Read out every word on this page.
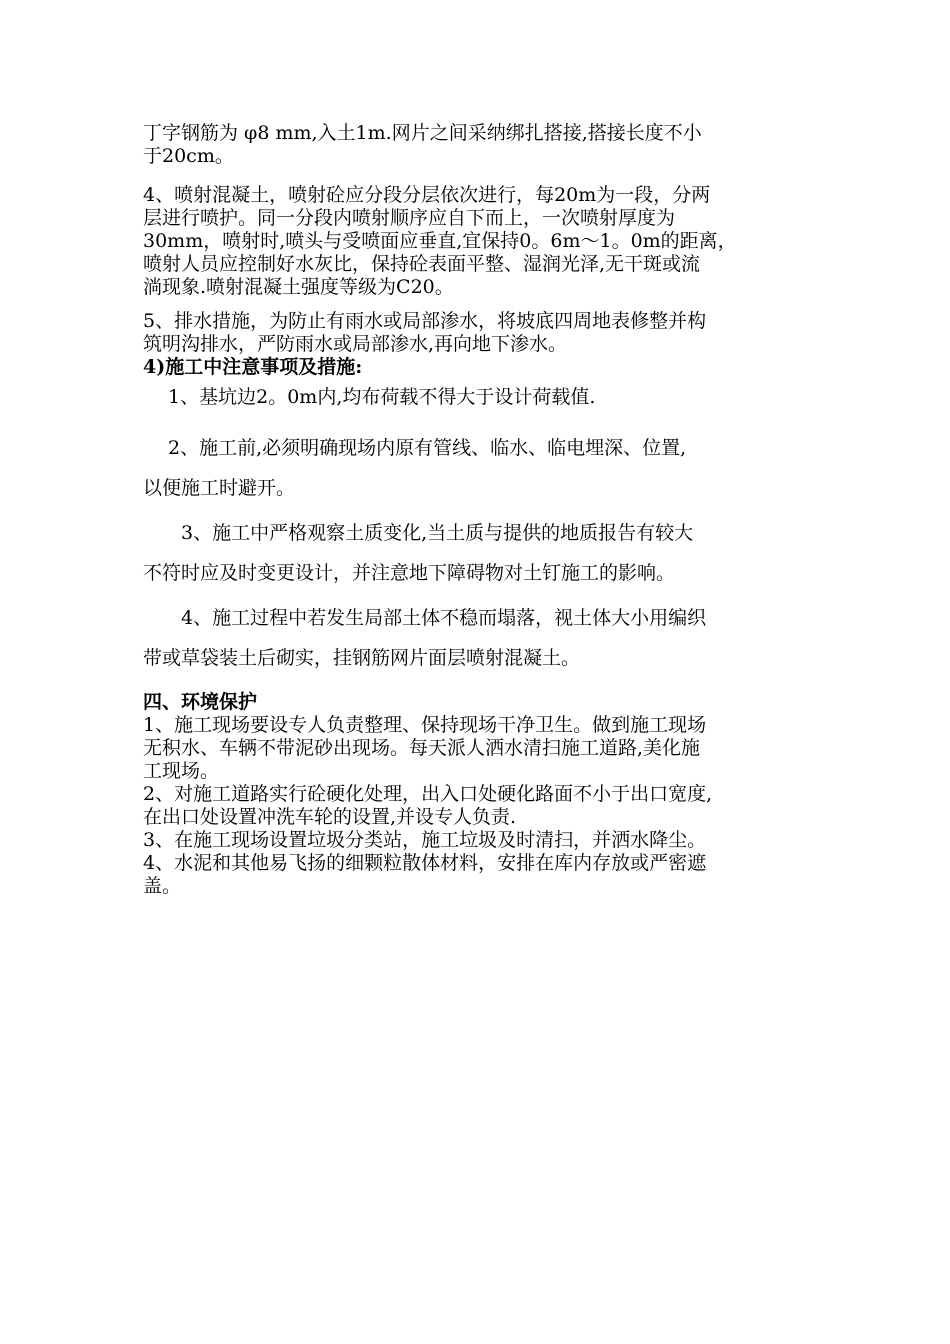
丁字钢筋为 φ8 mm,入土1m.网片之间采纳绑扎搭接,搭接长度不小
于20cm。
4、喷射混凝土，喷射砼应分段分层依次进行，每20m为一段，分两
层进行喷护。同一分段内喷射顺序应自下而上，一次喷射厚度为
30mm，喷射时,喷头与受喷面应垂直,宜保持0。6m～1。0m的距离，
喷射人员应控制好水灰比，保持砼表面平整、湿润光泽,无干斑或流
淌现象.喷射混凝土强度等级为C20。
5、排水措施，为防止有雨水或局部渗水，将坡底四周地表修整并构
筑明沟排水，严防雨水或局部渗水,再向地下渗水。
4)施工中注意事项及措施:
　 1、基坑边2。0m内,均布荷载不得大于设计荷载值.
　 2、施工前,必须明确现场内原有管线、临水、临电埋深、位置,
以便施工时避开。
　　3、施工中严格观察土质变化,当土质与提供的地质报告有较大
不符时应及时变更设计，并注意地下障碍物对土钉施工的影响。
　　4、施工过程中若发生局部土体不稳而塌落，视土体大小用编织
带或草袋装土后砌实，挂钢筋网片面层喷射混凝土。
四、环境保护
1、施工现场要设专人负责整理、保持现场干净卫生。做到施工现场
无积水、车辆不带泥砂出现场。每天派人洒水清扫施工道路,美化施
工现场。
2、对施工道路实行砼硬化处理，出入口处硬化路面不小于出口宽度,
在出口处设置冲洗车轮的设置,并设专人负责.
3、在施工现场设置垃圾分类站，施工垃圾及时清扫，并洒水降尘。
4、水泥和其他易飞扬的细颗粒散体材料，安排在库内存放或严密遮
盖。
